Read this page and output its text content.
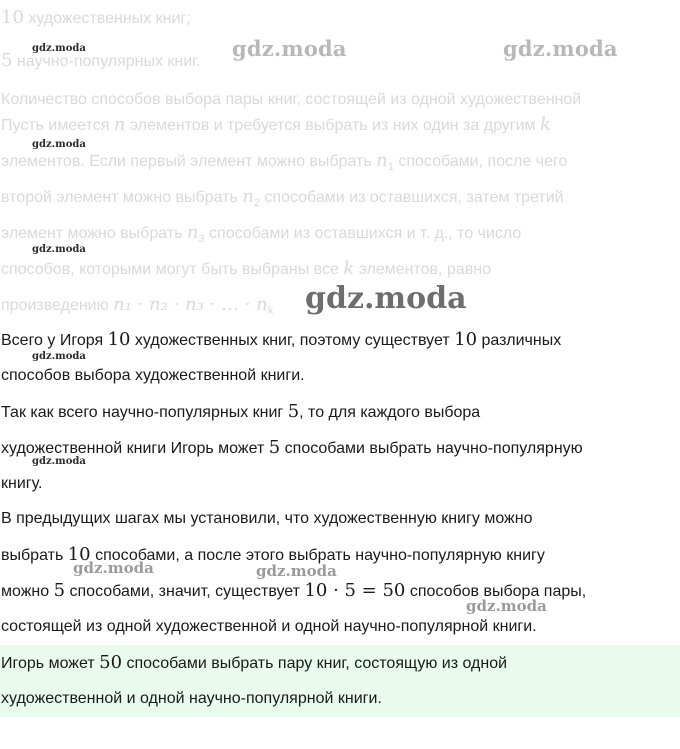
10 художественных книг;
5 научно-популярных книг.
Количество способов выбора пары книг, состоящей из одной художественной
Пусть имеется n элементов и требуется выбрать из них один за другим k
элементов. Если первый элемент можно выбрать $n_1$ способами, после чего
второй элемент можно выбрать $n_2$ способами из оставшихся, затем третий
элемент можно выбрать $n_3$ способами из оставшихся и т. д., то число
способов, которыми могут быть выбраны все k элементов, равно
произведению n₁ · n₂ · n₃ · … · $n_k$
Всего у Игоря 10 художественных книг, поэтому существует 10 различных
способов выбора художественной книги.
Так как всего научно-популярных книг 5, то для каждого выбора
художественной книги Игорь может 5 способами выбрать научно-популярную
книгу.
В предыдущих шагах мы установили, что художественную книгу можно
выбрать 10 способами, а после этого выбрать научно-популярную книгу
можно 5 способами, значит, существует 10 · 5 = 50 способов выбора пары,
состоящей из одной художественной и одной научно-популярной книги.
Игорь может 50 способами выбрать пару книг, состоящую из одной
художественной и одной научно-популярной книги.
gdz.moda	gdz.moda	gdz.moda
gdz.moda
gdz.moda
gdz.moda
gdz.moda
gdz.moda
gdz.moda	gdz.moda
gdz.moda
